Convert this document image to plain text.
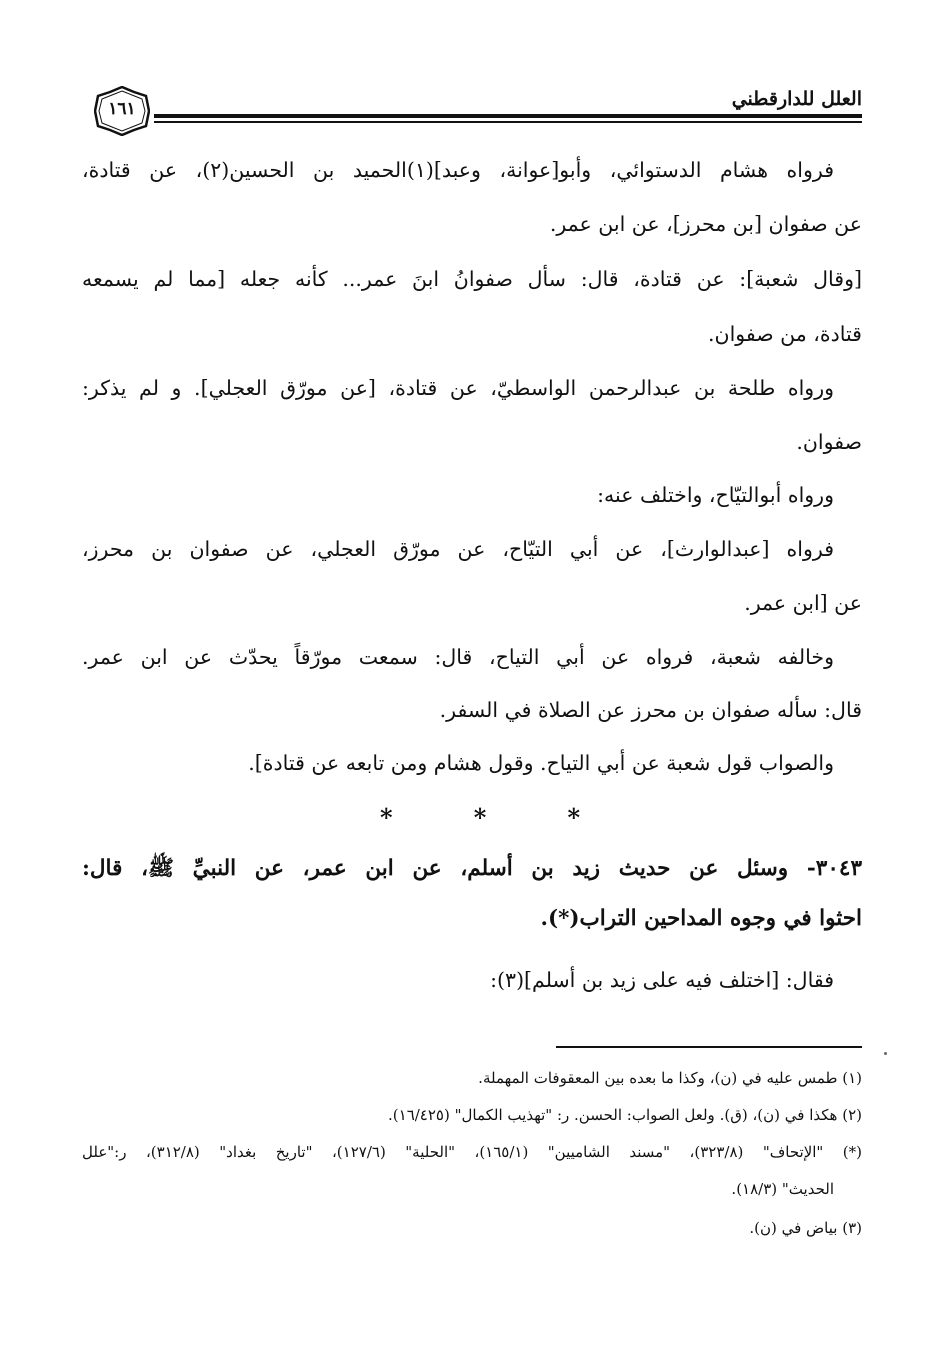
١٦١	العلل للدارقطني
فرواه هشام الدستوائي، وأبو[عوانة، وعبد](١)الحميد بن الحسين(٢)، عن قتادة،
عن صفوان [بن محرز]، عن ابن عمر.
[وقال شعبة]: عن قتادة، قال: سأل صفوانُ ابنَ عمر... كأنه جعله [مما لم يسمعه
قتادة، من صفوان.
ورواه طلحة بن عبدالرحمن الواسطيّ، عن قتادة، [عن مورّق العجلي]. و لم يذكر:
صفوان.
ورواه أبوالتيّاح، واختلف عنه:
فرواه [عبدالوارث]، عن أبي التيّاح، عن مورّق العجلي، عن صفوان بن محرز،
عن [ابن عمر.
وخالفه شعبة، فرواه عن أبي التياح، قال: سمعت مورّقاً يحدّث عن ابن عمر.
قال: سأله صفوان بن محرز عن الصلاة في السفر.
والصواب قول شعبة عن أبي التياح. وقول هشام ومن تابعه عن قتادة].
*	*	*
٣٠٤٣- وسئل عن حديث زيد بن أسلم، عن ابن عمر، عن النبيِّ ﷺ، قال:
احثوا في وجوه المداحين التراب(*).
فقال: [اختلف فيه على زيد بن أسلم](٣):
(١) طمس عليه في (ن)، وكذا ما بعده بين المعقوفات المهملة.
(٢) هكذا في (ن)، (ق). ولعل الصواب: الحسن. ر: "تهذيب الكمال" (١٦/٤٢٥).
(*) "الإتحاف" (٣٢٣/٨)، "مسند الشاميين" (١٦٥/١)، "الحلية" (١٢٧/٦)، "تاريخ بغداد" (٣١٢/٨)، ر:"علل
الحديث" (١٨/٣).
(٣) بياض في (ن).
